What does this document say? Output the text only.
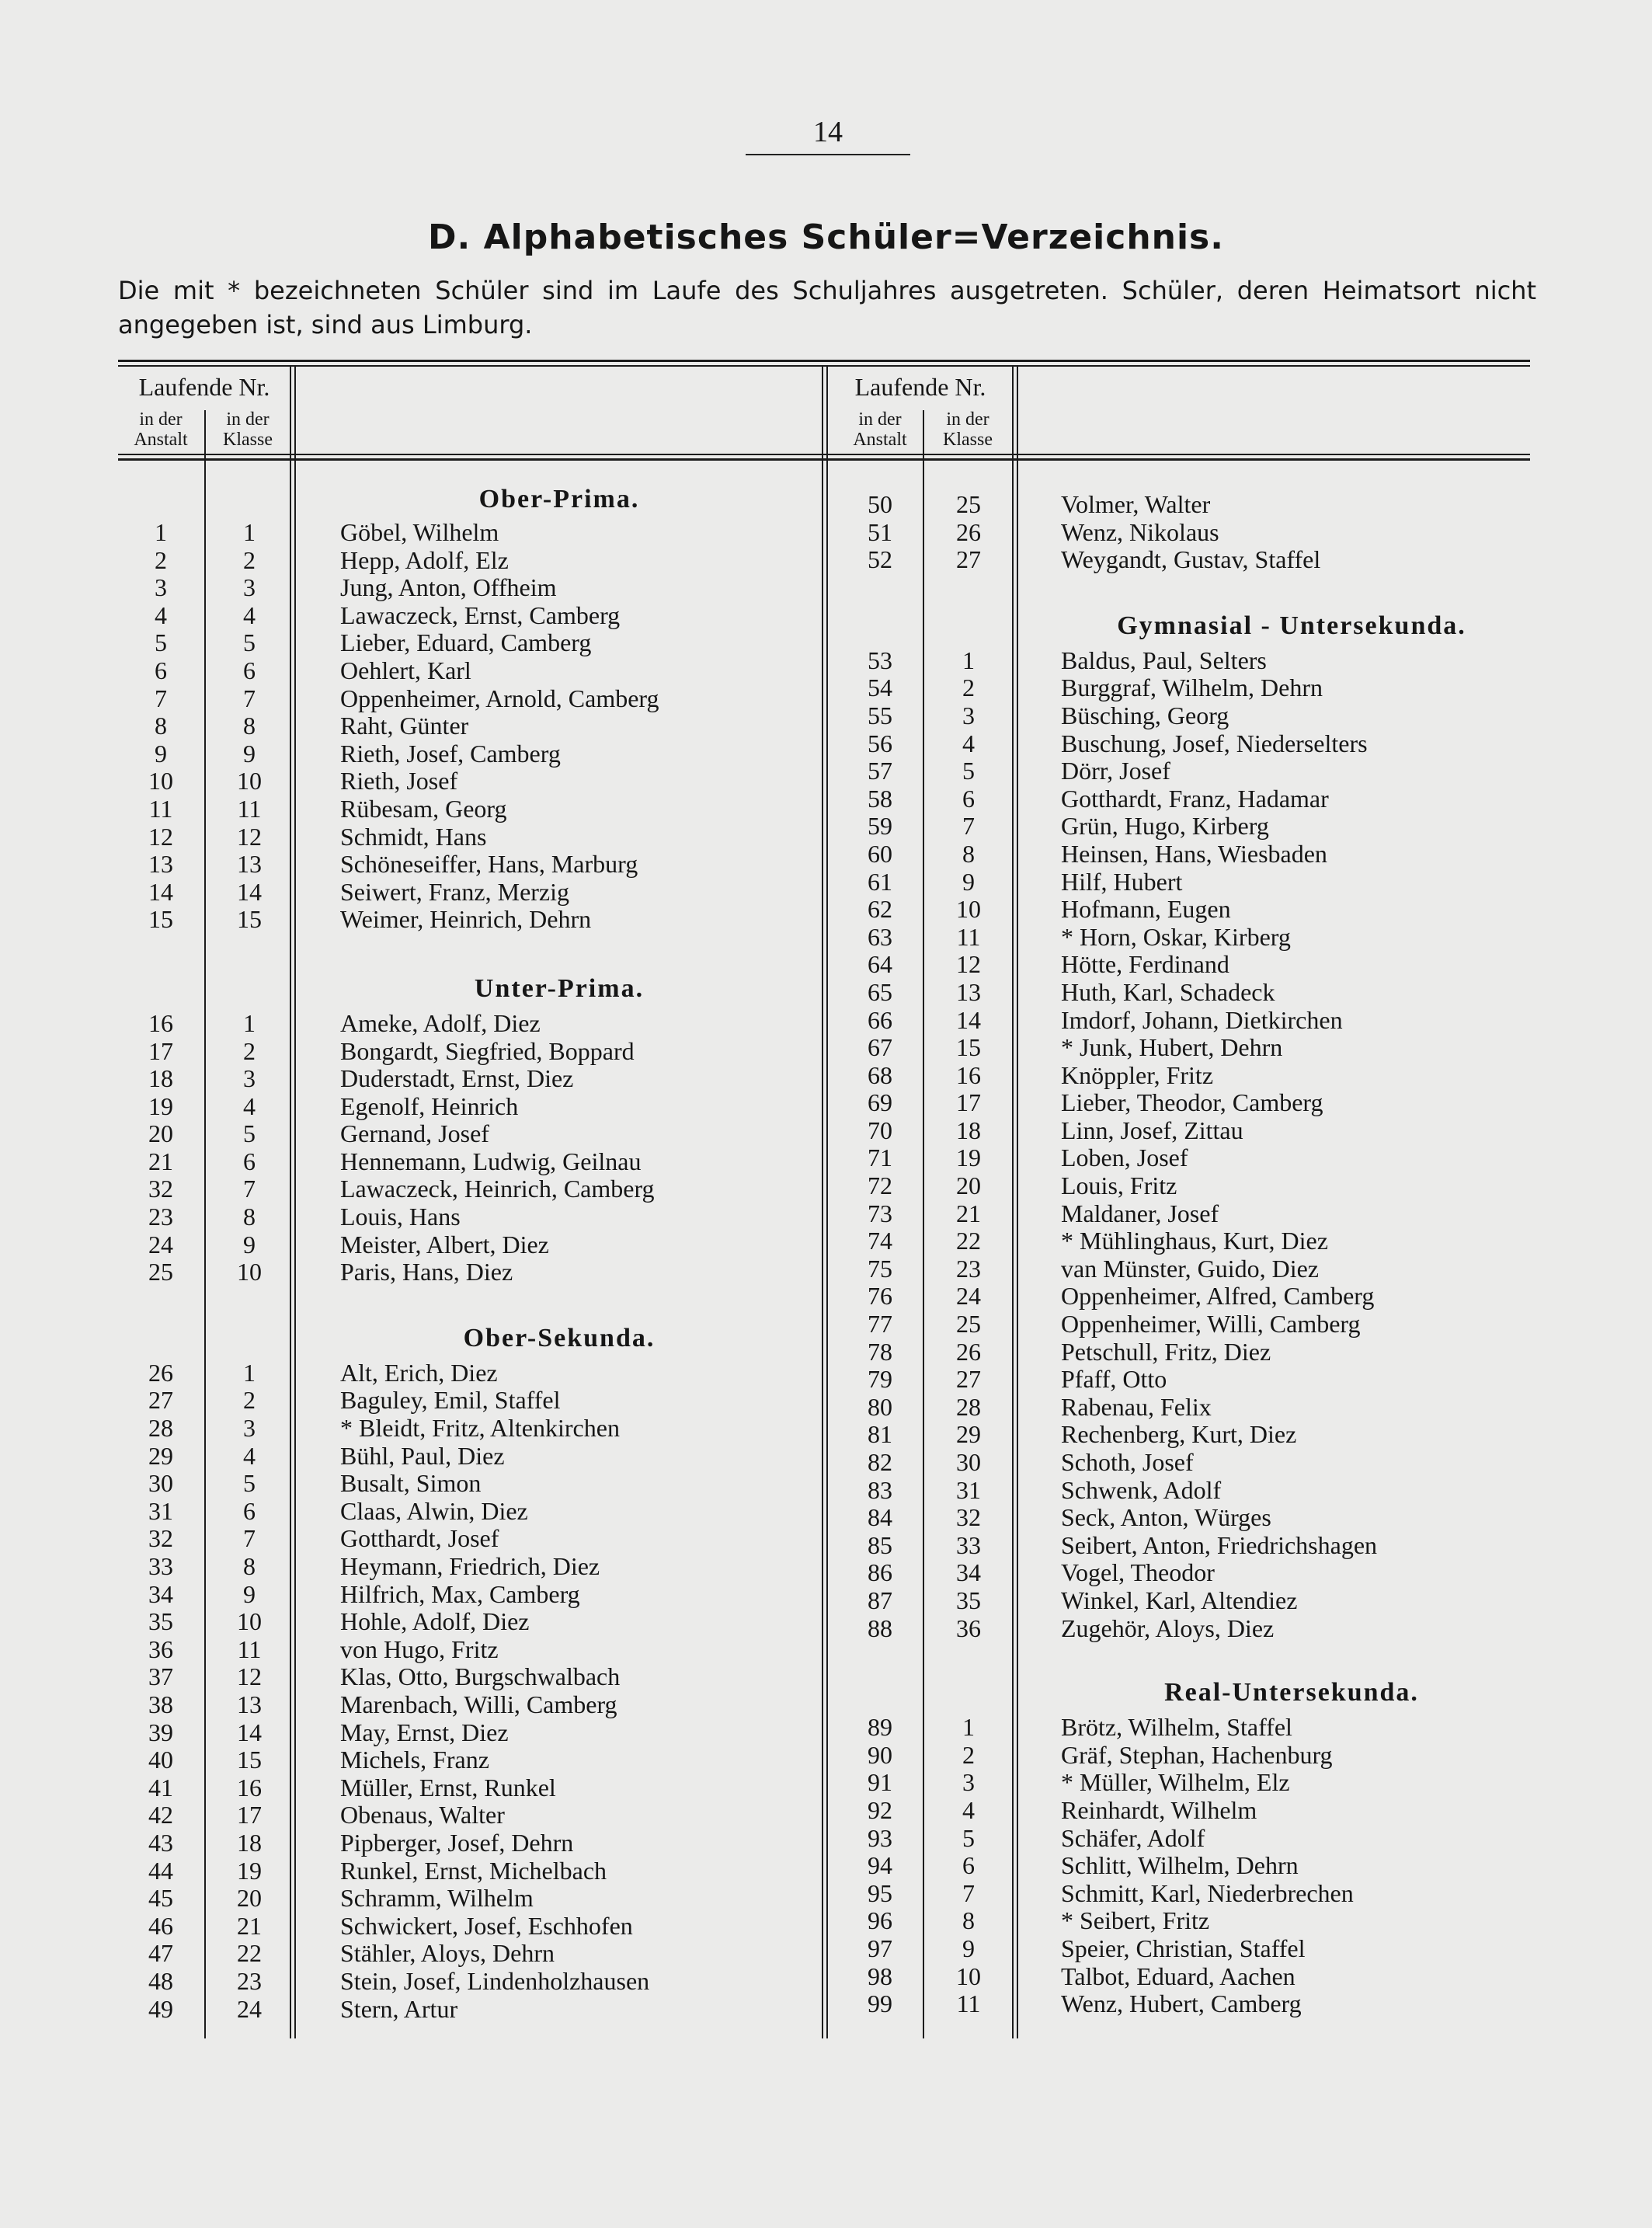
14
D. Alphabetisches Schüler=Verzeichnis.
Die mit * bezeichneten Schüler sind im Laufe des Schuljahres ausgetreten. Schüler, deren Heimatsort nicht angegeben ist, sind aus Limburg.
Laufende Nr.
in der
Anstalt
in der
Klasse
Laufende Nr.
in der
Anstalt
in der
Klasse
Ober-Prima.
1	1	Göbel, Wilhelm
2	2	Hepp, Adolf, Elz
3	3	Jung, Anton, Offheim
4	4	Lawaczeck, Ernst, Camberg
5	5	Lieber, Eduard, Camberg
6	6	Oehlert, Karl
7	7	Oppenheimer, Arnold, Camberg
8	8	Raht, Günter
9	9	Rieth, Josef, Camberg
10	10	Rieth, Josef
11	11	Rübesam, Georg
12	12	Schmidt, Hans
13	13	Schöneseiffer, Hans, Marburg
14	14	Seiwert, Franz, Merzig
15	15	Weimer, Heinrich, Dehrn
Unter-Prima.
16	1	Ameke, Adolf, Diez
17	2	Bongardt, Siegfried, Boppard
18	3	Duderstadt, Ernst, Diez
19	4	Egenolf, Heinrich
20	5	Gernand, Josef
21	6	Hennemann, Ludwig, Geilnau
32	7	Lawaczeck, Heinrich, Camberg
23	8	Louis, Hans
24	9	Meister, Albert, Diez
25	10	Paris, Hans, Diez
Ober-Sekunda.
26	1	Alt, Erich, Diez
27	2	Baguley, Emil, Staffel
28	3	* Bleidt, Fritz, Altenkirchen
29	4	Bühl, Paul, Diez
30	5	Busalt, Simon
31	6	Claas, Alwin, Diez
32	7	Gotthardt, Josef
33	8	Heymann, Friedrich, Diez
34	9	Hilfrich, Max, Camberg
35	10	Hohle, Adolf, Diez
36	11	von Hugo, Fritz
37	12	Klas, Otto, Burgschwalbach
38	13	Marenbach, Willi, Camberg
39	14	May, Ernst, Diez
40	15	Michels, Franz
41	16	Müller, Ernst, Runkel
42	17	Obenaus, Walter
43	18	Pipberger, Josef, Dehrn
44	19	Runkel, Ernst, Michelbach
45	20	Schramm, Wilhelm
46	21	Schwickert, Josef, Eschhofen
47	22	Stähler, Aloys, Dehrn
48	23	Stein, Josef, Lindenholzhausen
49	24	Stern, Artur
50	25	Volmer, Walter
51	26	Wenz, Nikolaus
52	27	Weygandt, Gustav, Staffel
Gymnasial - Untersekunda.
53	1	Baldus, Paul, Selters
54	2	Burggraf, Wilhelm, Dehrn
55	3	Büsching, Georg
56	4	Buschung, Josef, Niederselters
57	5	Dörr, Josef
58	6	Gotthardt, Franz, Hadamar
59	7	Grün, Hugo, Kirberg
60	8	Heinsen, Hans, Wiesbaden
61	9	Hilf, Hubert
62	10	Hofmann, Eugen
63	11	* Horn, Oskar, Kirberg
64	12	Hötte, Ferdinand
65	13	Huth, Karl, Schadeck
66	14	Imdorf, Johann, Dietkirchen
67	15	* Junk, Hubert, Dehrn
68	16	Knöppler, Fritz
69	17	Lieber, Theodor, Camberg
70	18	Linn, Josef, Zittau
71	19	Loben, Josef
72	20	Louis, Fritz
73	21	Maldaner, Josef
74	22	* Mühlinghaus, Kurt, Diez
75	23	van Münster, Guido, Diez
76	24	Oppenheimer, Alfred, Camberg
77	25	Oppenheimer, Willi, Camberg
78	26	Petschull, Fritz, Diez
79	27	Pfaff, Otto
80	28	Rabenau, Felix
81	29	Rechenberg, Kurt, Diez
82	30	Schoth, Josef
83	31	Schwenk, Adolf
84	32	Seck, Anton, Würges
85	33	Seibert, Anton, Friedrichshagen
86	34	Vogel, Theodor
87	35	Winkel, Karl, Altendiez
88	36	Zugehör, Aloys, Diez
Real-Untersekunda.
89	1	Brötz, Wilhelm, Staffel
90	2	Gräf, Stephan, Hachenburg
91	3	* Müller, Wilhelm, Elz
92	4	Reinhardt, Wilhelm
93	5	Schäfer, Adolf
94	6	Schlitt, Wilhelm, Dehrn
95	7	Schmitt, Karl, Niederbrechen
96	8	* Seibert, Fritz
97	9	Speier, Christian, Staffel
98	10	Talbot, Eduard, Aachen
99	11	Wenz, Hubert, Camberg
